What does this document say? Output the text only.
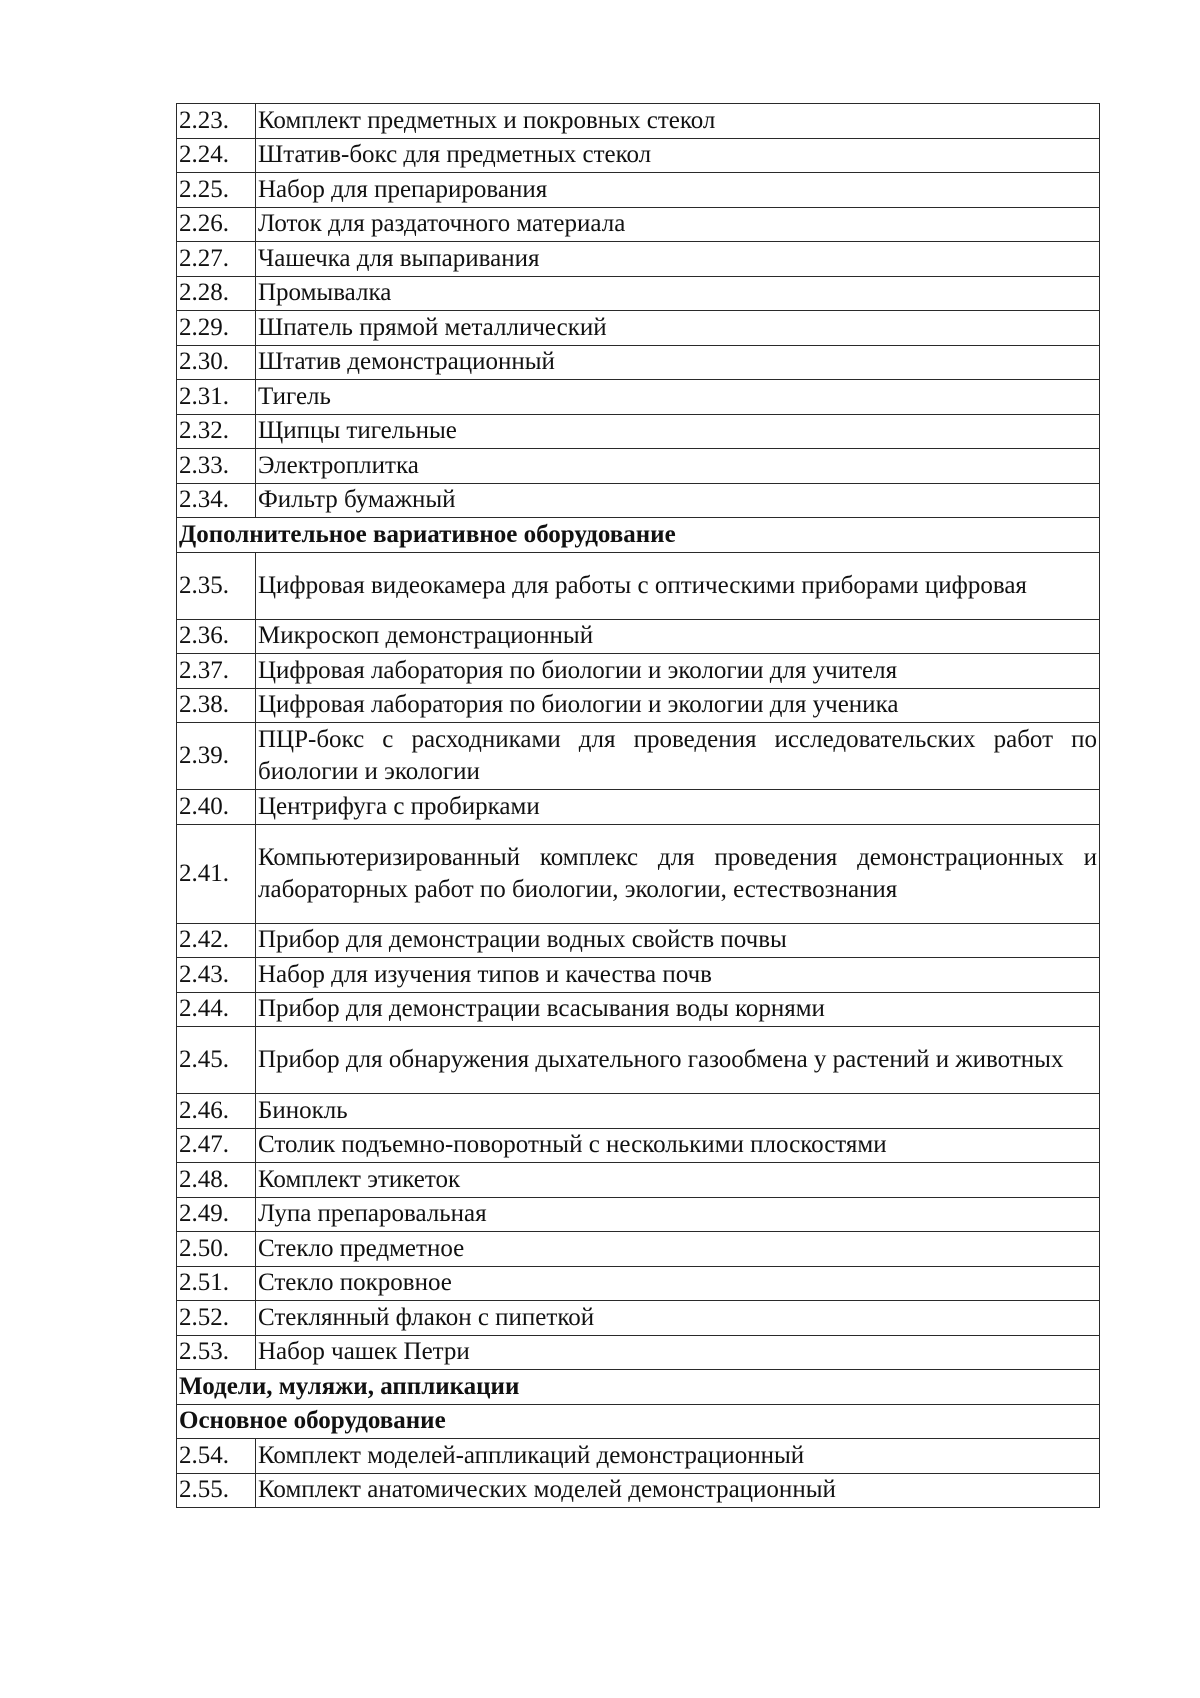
2.23.	Комплект предметных и покровных стекол
2.24.	Штатив-бокс для предметных стекол
2.25.	Набор для препарирования
2.26.	Лоток для раздаточного материала
2.27.	Чашечка для выпаривания
2.28.	Промывалка
2.29.	Шпатель прямой металлический
2.30.	Штатив демонстрационный
2.31.	Тигель
2.32.	Щипцы тигельные
2.33.	Электроплитка
2.34.	Фильтр бумажный
Дополнительное вариативное оборудование	
2.35.	Цифровая видеокамера для работы с оптическими приборами цифровая
2.36.	Микроскоп демонстрационный
2.37.	Цифровая лаборатория по биологии и экологии для учителя
2.38.	Цифровая лаборатория по биологии и экологии для ученика
2.39.	ПЦР-бокс с расходниками для проведения исследовательских работ по биологии и экологии
2.40.	Центрифуга с пробирками
2.41.	Компьютеризированный комплекс для проведения демонстрационных и лабораторных работ по биологии, экологии, естествознания
2.42.	Прибор для демонстрации водных свойств почвы
2.43.	Набор для изучения типов и качества почв
2.44.	Прибор для демонстрации всасывания воды корнями
2.45.	Прибор для обнаружения дыхательного газообмена у растений и животных
2.46.	Бинокль
2.47.	Столик подъемно-поворотный с несколькими плоскостями
2.48.	Комплект этикеток
2.49.	Лупа препаровальная
2.50.	Стекло предметное
2.51.	Стекло покровное
2.52.	Стеклянный флакон с пипеткой
2.53.	Набор чашек Петри
Модели, муляжи, аппликации	
Основное оборудование	
2.54.	Комплект моделей-аппликаций демонстрационный
2.55.	Комплект анатомических моделей демонстрационный
